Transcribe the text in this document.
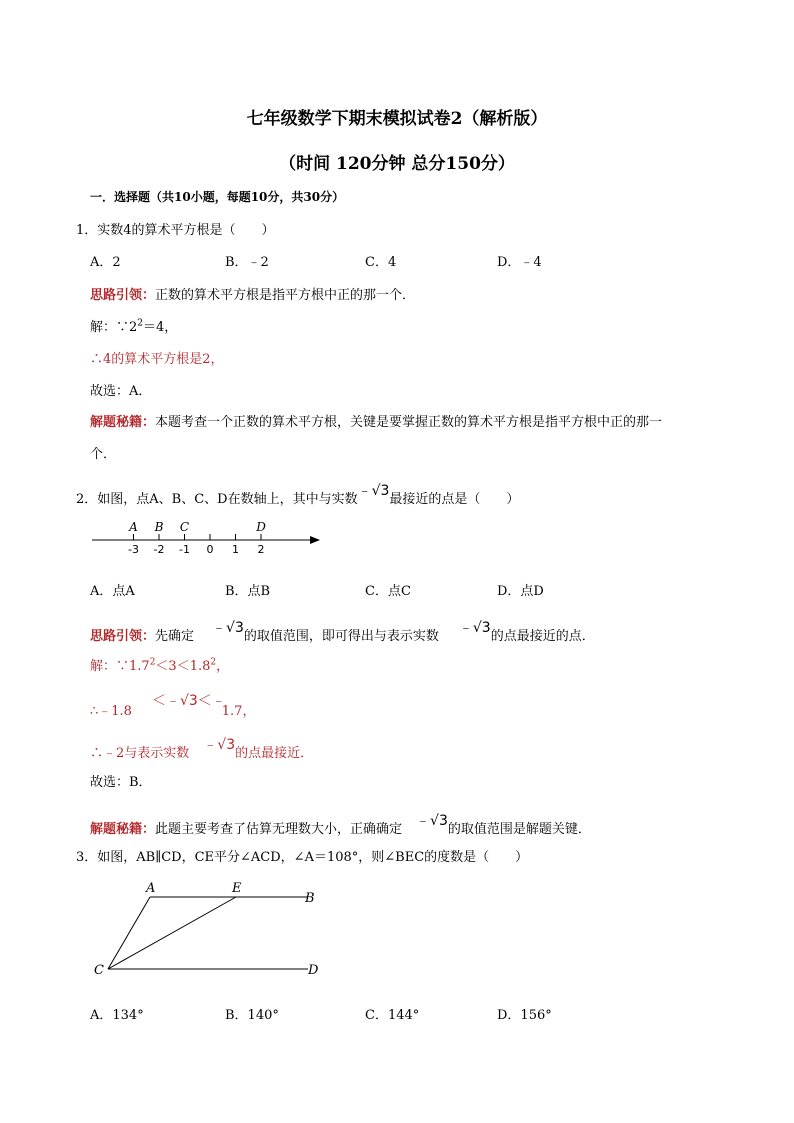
七年级数学下期末模拟试卷2（解析版）
（时间 120分钟 总分150分）
一．选择题（共10小题，每题10分，共30分）
1．实数4的算术平方根是（　　）
A．2	B．﹣2	C．4	D．﹣4
思路引领：正数的算术平方根是指平方根中正的那一个．
解：$\because 2^2=4$，
∴4的算术平方根是2，
故选：A．
解题秘籍：本题考查一个正数的算术平方根，关键是要掌握正数的算术平方根是指平方根中正的那一
个．
2．如图，点A、B、C、D在数轴上，其中与实数﹣√3最接近的点是（　　）
-3 -2 -1 0 1 2
A B C	D
A．点A	B．点B	C．点C	D．点D
思路引领：先确定﹣√3的取值范围，即可得出与表示实数﹣√3的点最接近的点．
解：$\because 1.7^2<3<1.8^2$，
∴﹣1.8＜﹣√3＜﹣1.7，
∴﹣2与表示实数﹣√3的点最接近．
故选：B．
解题秘籍：此题主要考查了估算无理数大小，正确确定﹣√3的取值范围是解题关键．
3．如图，AB∥CD，CE平分∠ACD，∠A＝108°，则∠BEC的度数是（　　）
A	E
B
C	D
A．134°	B．140°	C．144°	D．156°
